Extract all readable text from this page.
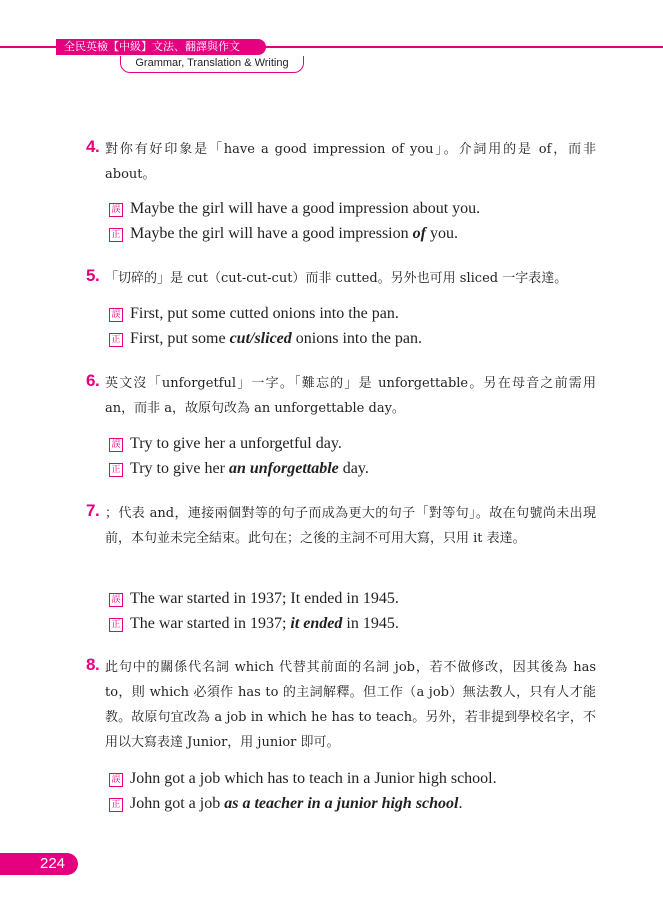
全民英檢【中級】文法、翻譯與作文
Grammar, Translation & Writing
4. 對你有好印象是「have a good impression of you」。介詞用的是 of，而非 about。
誤 Maybe the girl will have a good impression about you.
正 Maybe the girl will have a good impression of you.
5. 「切碎的」是 cut（cut-cut-cut）而非 cutted。另外也可用 sliced 一字表達。
誤 First, put some cutted onions into the pan.
正 First, put some cut/sliced onions into the pan.
6. 英文沒「unforgetful」一字。「難忘的」是 unforgettable。另在母音之前需用 an，而非 a，故原句改為 an unforgettable day。
誤 Try to give her a unforgetful day.
正 Try to give her an unforgettable day.
7. ；代表 and，連接兩個對等的句子而成為更大的句子「對等句」。故在句號尚未出現前，本句並未完全結束。此句在；之後的主詞不可用大寫，只用 it 表達。
誤 The war started in 1937; It ended in 1945.
正 The war started in 1937; it ended in 1945.
8. 此句中的關係代名詞 which 代替其前面的名詞 job，若不做修改，因其後為 has to，則 which 必須作 has to 的主詞解釋。但工作（a job）無法教人，只有人才能教。故原句宜改為 a job in which he has to teach。另外，若非提到學校名字，不用以大寫表達 Junior，用 junior 即可。
誤 John got a job which has to teach in a Junior high school.
正 John got a job as a teacher in a junior high school.
224
